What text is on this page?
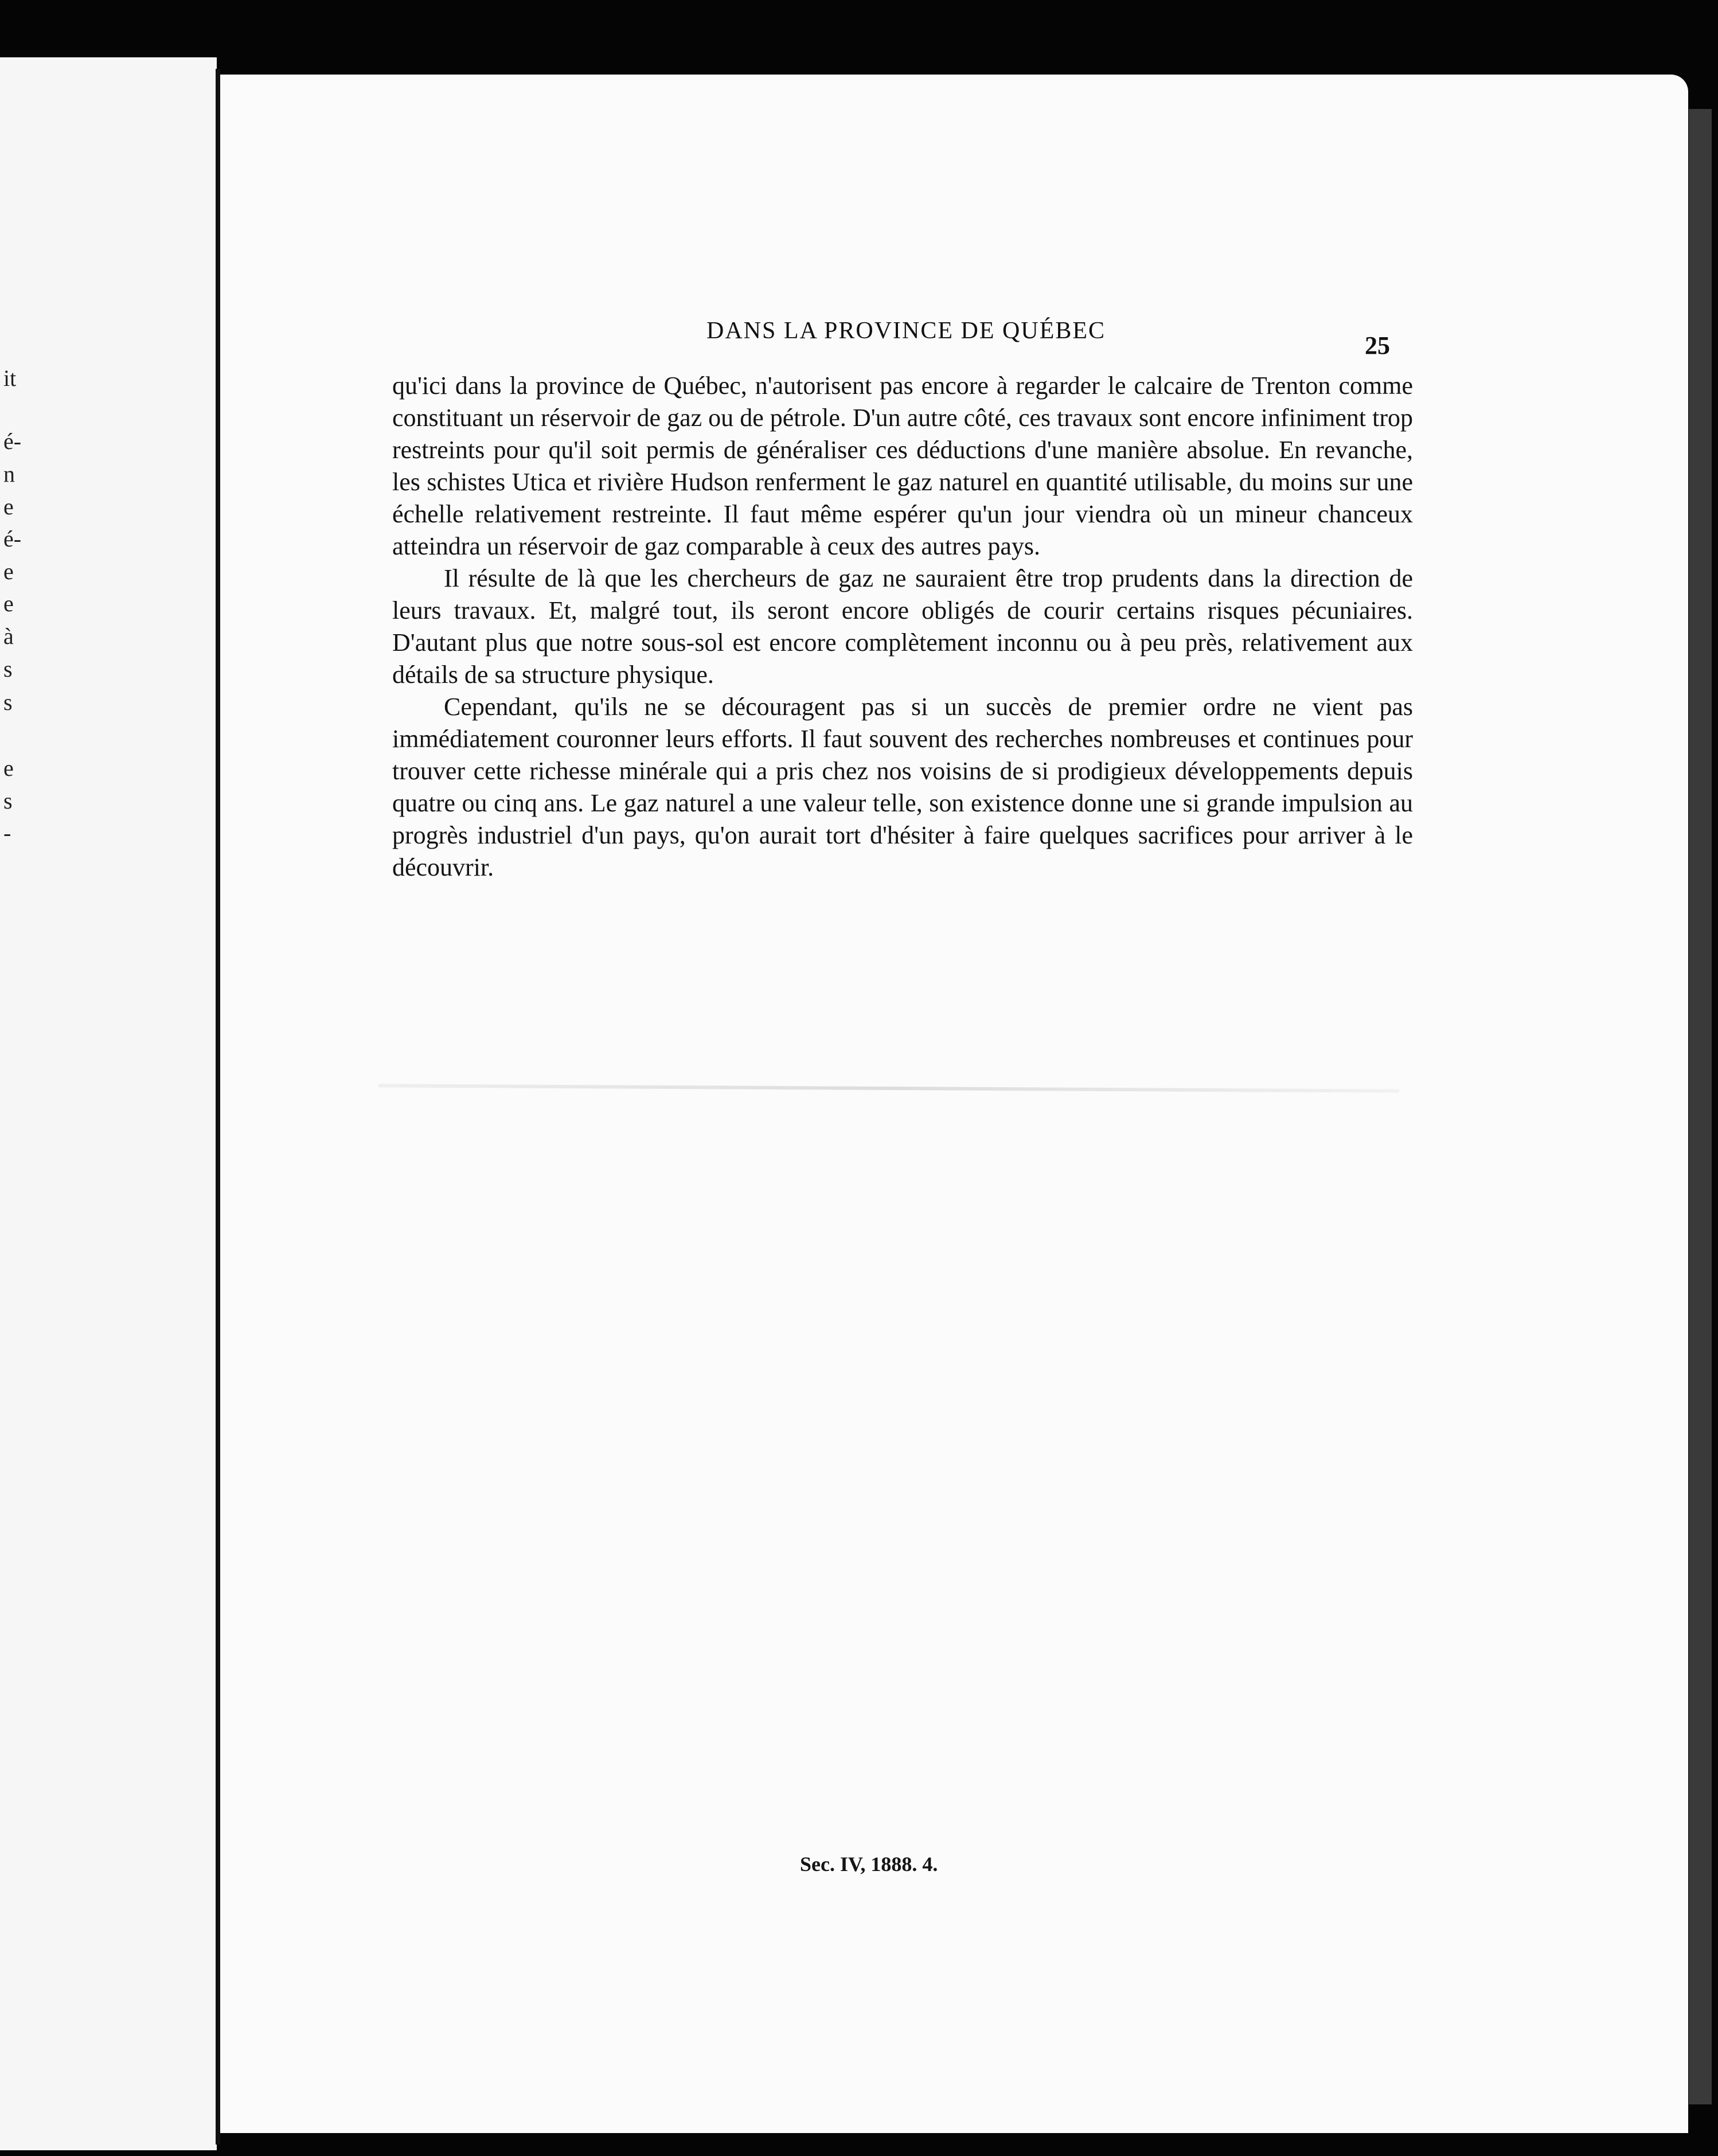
it
é-
n
e
é-
e
e
à
s
s
e
s
-
DANS LA PROVINCE DE QUÉBEC
25

qu'ici dans la province de Québec, n'autorisent pas encore à regarder le calcaire de Trenton comme constituant un réservoir de gaz ou de pétrole. D'un autre côté, ces travaux sont encore infiniment trop restreints pour qu'il soit permis de généraliser ces déductions d'une manière absolue. En revanche, les schistes Utica et rivière Hudson renferment le gaz naturel en quantité utilisable, du moins sur une échelle relativement restreinte. Il faut même espérer qu'un jour viendra où un mineur chanceux atteindra un réservoir de gaz comparable à ceux des autres pays.

Il résulte de là que les chercheurs de gaz ne sauraient être trop prudents dans la direction de leurs travaux. Et, malgré tout, ils seront encore obligés de courir certains risques pécuniaires. D'autant plus que notre sous-sol est encore complètement inconnu ou à peu près, relativement aux détails de sa structure physique.

Cependant, qu'ils ne se découragent pas si un succès de premier ordre ne vient pas immédiatement couronner leurs efforts. Il faut souvent des recherches nombreuses et continues pour trouver cette richesse minérale qui a pris chez nos voisins de si prodigieux développements depuis quatre ou cinq ans. Le gaz naturel a une valeur telle, son existence donne une si grande impulsion au progrès industriel d'un pays, qu'on aurait tort d'hésiter à faire quelques sacrifices pour arriver à le découvrir.

Sec. IV, 1888. 4.
